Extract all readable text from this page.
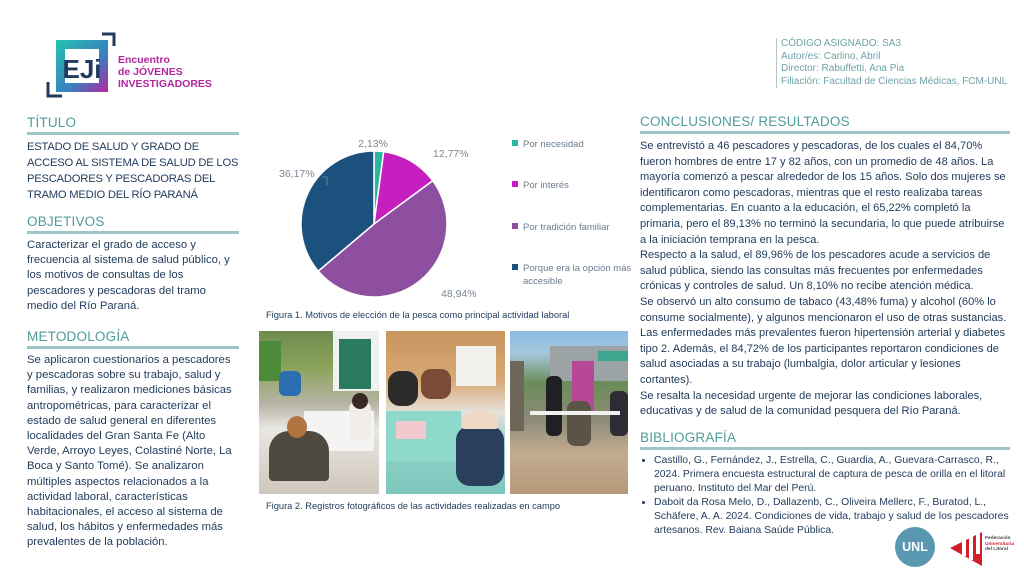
EJi Encuentro
de JÓVENES
INVESTIGADORES
CÓDIGO ASIGNADO: SA3
Autor/es: Carlino, Abril
Director: Rabuffetti, Ana Pia
Filiación: Facultad de Ciencias Médicas, FCM-UNL
TÍTULO
ESTADO DE SALUD Y GRADO DE ACCESO AL SISTEMA DE SALUD DE LOS PESCADORES Y PESCADORAS DEL TRAMO MEDIO DEL RÍO PARANÁ
OBJETIVOS
Caracterizar el grado de acceso y frecuencia al sistema de salud público, y los motivos de consultas de los pescadores y pescadoras del tramo medio del Río Paraná.
METODOLOGÍA
Se aplicaron cuestionarios a pescadores y pescadoras sobre su trabajo, salud y familias, y realizaron mediciones básicas antropométricas, para caracterizar el estado de salud general en diferentes localidades del Gran Santa Fe (Alto Verde, Arroyo Leyes, Colastiné Norte, La Boca y Santo Tomé). Se analizaron múltiples aspectos relacionados a la actividad laboral, características habitacionales, el acceso al sistema de salud, los hábitos y enfermedades más prevalentes de la población.
2,13%
12,77%
48,94%
36,17%
Por necesidad
Por interés
Por tradición familiar
Porque era la opción más accesible
Figura 1. Motivos de elección de la pesca como principal actividad laboral
Figura 2. Registros fotográficos de las actividades realizadas en campo
CONCLUSIONES/ RESULTADOS
Se entrevistó a 46 pescadores y pescadoras, de los cuales el 84,70% fueron hombres de entre 17 y 82 años, con un promedio de 48 años. La mayoría comenzó a pescar alrededor de los 15 años. Solo dos mujeres se identificaron como pescadoras, mientras que el resto realizaba tareas complementarias. En cuanto a la educación, el 65,22% completó la primaria, pero el 89,13% no terminó la secundaria, lo que puede atribuirse a la iniciación temprana en la pesca.
Respecto a la salud, el 89,96% de los pescadores acude a servicios de salud pública, siendo las consultas más frecuentes por enfermedades crónicas y controles de salud. Un 8,10% no recibe atención médica.
Se observó un alto consumo de tabaco (43,48% fuma) y alcohol (60% lo consume socialmente), y algunos mencionaron el uso de otras sustancias. Las enfermedades más prevalentes fueron hipertensión arterial y diabetes tipo 2. Además, el 84,72% de los participantes reportaron condiciones de salud asociadas a su trabajo (lumbalgia, dolor articular y lesiones cortantes).
Se resalta la necesidad urgente de mejorar las condiciones laborales, educativas y de salud de la comunidad pesquera del Río Paraná.
BIBLIOGRAFÍA
• Castillo, G., Fernández, J., Estrella, C., Guardia, A., Guevara-Carrasco, R., 2024. Primera encuesta estructural de captura de pesca de orilla en el litoral peruano. Instituto del Mar del Perú.
• Daboit da Rosa Melo, D., Dallazenb, C., Oliveira Mellerc, F., Buratod, L., Schäfere, A. A. 2024. Condiciones de vida, trabajo y salud de los pescadores artesanos. Rev. Baiana Saúde Pública.
UNL
Federación
Universitaria
del Litoral
